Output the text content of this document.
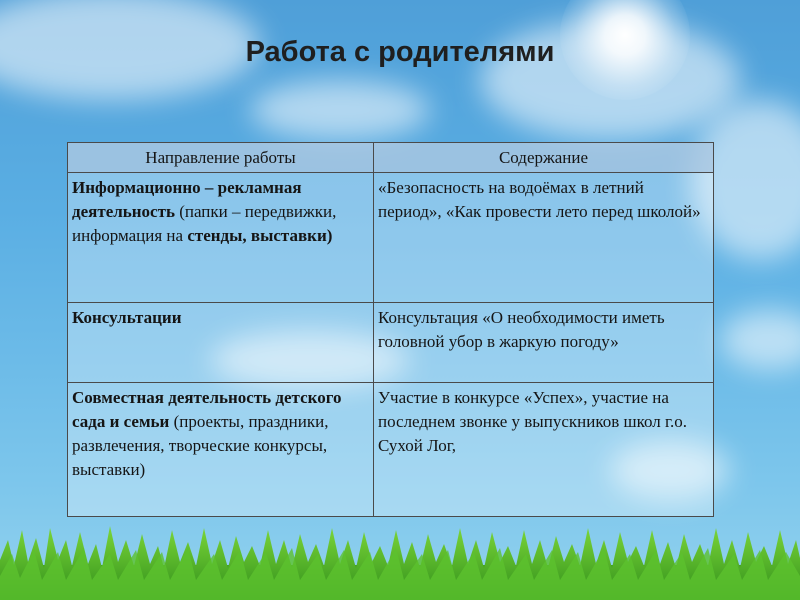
Работа с родителями
Направление работы	Содержание
Информационно – рекламная деятельность (папки – передвижки, информация на стенды, выставки)	«Безопасность на водоёмах в летний период», «Как провести лето перед школой»
Консультации	Консультация «О необходимости иметь головной убор в жаркую погоду»
Совместная деятельность детского сада и семьи (проекты, праздники, развлечения, творческие конкурсы, выставки)	Участие в конкурсе «Успех», участие на последнем звонке у выпускников школ г.о. Сухой Лог,
